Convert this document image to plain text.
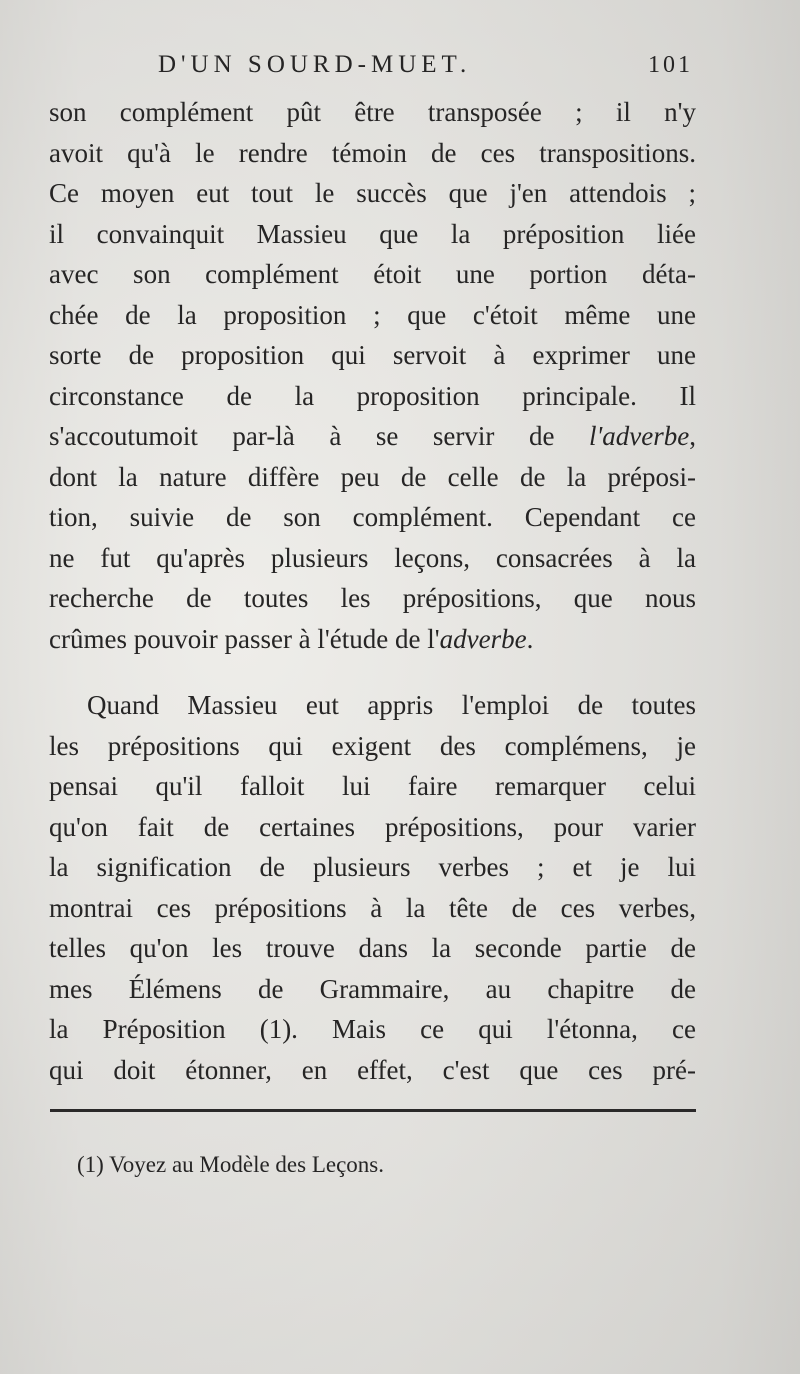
D'UN SOURD-MUET.	101
son complément pût être transposée ; il n'y
avoit qu'à le rendre témoin de ces transpositions.
Ce moyen eut tout le succès que j'en attendois ;
il convainquit Massieu que la préposition liée
avec son complément étoit une portion déta-
chée de la proposition ; que c'étoit même une
sorte de proposition qui servoit à exprimer une
circonstance de la proposition principale. Il
s'accoutumoit par-là à se servir de l'adverbe,
dont la nature diffère peu de celle de la préposi-
tion, suivie de son complément. Cependant ce
ne fut qu'après plusieurs leçons, consacrées à la
recherche de toutes les prépositions, que nous
crûmes pouvoir passer à l'étude de l'adverbe.
Quand Massieu eut appris l'emploi de toutes
les prépositions qui exigent des complémens, je
pensai qu'il falloit lui faire remarquer celui
qu'on fait de certaines prépositions, pour varier
la signification de plusieurs verbes ; et je lui
montrai ces prépositions à la tête de ces verbes,
telles qu'on les trouve dans la seconde partie de
mes Élémens de Grammaire, au chapitre de
la Préposition (1). Mais ce qui l'étonna, ce
qui doit étonner, en effet, c'est que ces pré-
(1) Voyez au Modèle des Leçons.
